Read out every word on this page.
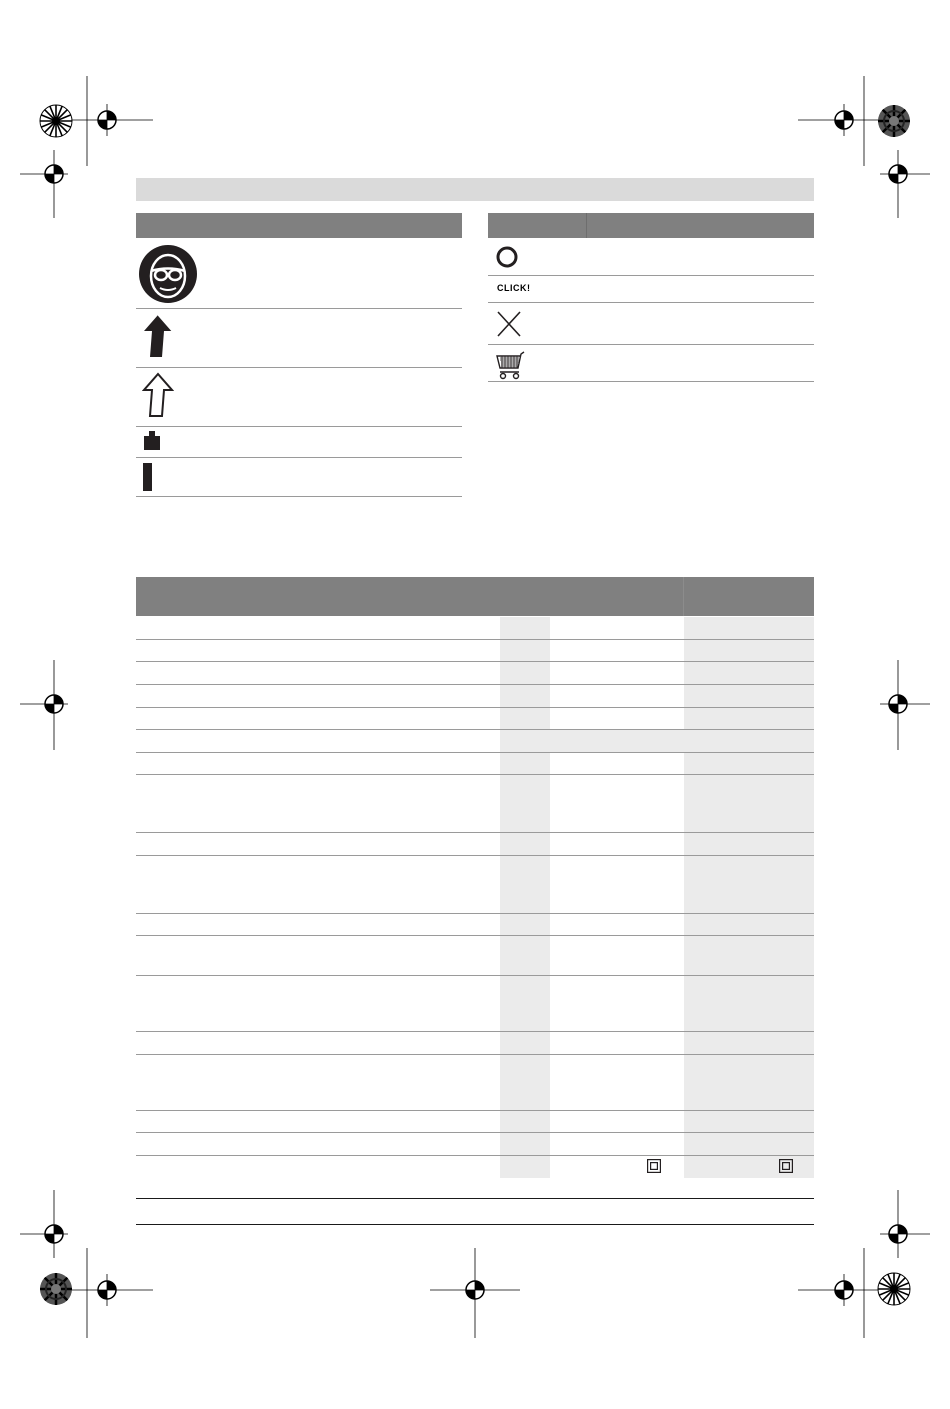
CLICK!
